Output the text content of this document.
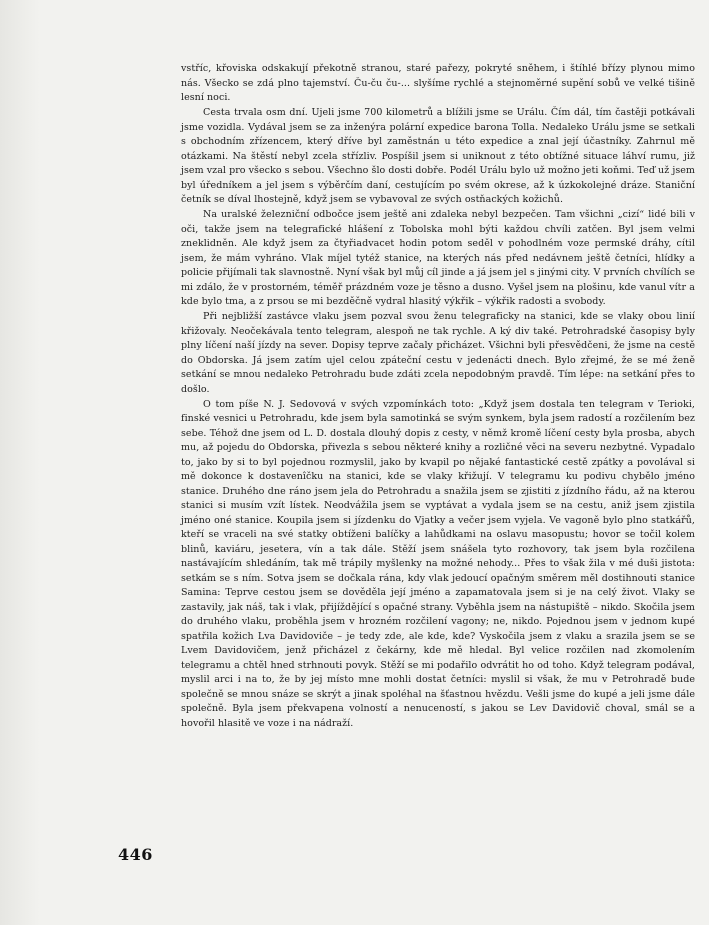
vstříc, křoviska odskakují překotně stranou, staré pařezy, pokryté sněhem, i štíhlé břízy plynou mimo nás. Všecko se zdá plno tajemství. Ču-ču ču-... slyšíme rychlé a stejnoměrné supění sobů ve velké tišině lesní noci.

Cesta trvala osm dní. Ujeli jsme 700 kilometrů a blížili jsme se Urálu. Čím dál, tím častěji potkávali jsme vozidla. Vydával jsem se za inženýra polární expedice barona Tolla. Nedaleko Urálu jsme se setkali s obchodním zřízencem, který dříve byl zaměstnán u této expedice a znal její účastníky. Zahrnul mě otázkami. Na štěstí nebyl zcela střízliv. Pospíšil jsem si uniknout z této obtížné situace láhví rumu, již jsem vzal pro všecko s sebou. Všechno šlo dosti dobře. Podél Urálu bylo už možno jeti koňmi. Teď už jsem byl úředníkem a jel jsem s výběrčím daní, cestujícím po svém okrese, až k úzkokolejné dráze. Staniční četník se díval lhostejně, když jsem se vybavoval ze svých ostňackých kožichů.

Na uralské železniční odbočce jsem ještě ani zdaleka nebyl bezpečen. Tam všichni „cizí“ lidé bili v oči, takže jsem na telegrafické hlášení z Tobolska mohl býti každou chvíli zatčen. Byl jsem velmi zneklidněn. Ale když jsem za čtyřiadvacet hodin potom seděl v pohodlném voze permské dráhy, cítil jsem, že mám vyhráno. Vlak míjel tytéž stanice, na kterých nás před nedávnem ještě četníci, hlídky a policie přijímali tak slavnostně. Nyní však byl můj cíl jinde a já jsem jel s jinými city. V prvních chvílích se mi zdálo, že v prostorném, téměř prázdném voze je těsno a dusno. Vyšel jsem na plošinu, kde vanul vítr a kde bylo tma, a z prsou se mi bezděčně vydral hlasitý výkřik – výkřik radosti a svobody.

Při nejbližší zastávce vlaku jsem pozval svou ženu telegraficky na stanici, kde se vlaky obou linií křižovaly. Neočekávala tento telegram, alespoň ne tak rychle. A ký div také. Petrohradské časopisy byly plny líčení naší jízdy na sever. Dopisy teprve začaly přicházet. Všichni byli přesvědčeni, že jsme na cestě do Obdorska. Já jsem zatím ujel celou zpáteční cestu v jedenácti dnech. Bylo zřejmé, že se mé ženě setkání se mnou nedaleko Petrohradu bude zdáti zcela nepodobným pravdě. Tím lépe: na setkání přes to došlo.

O tom píše N. J. Sedovová v svých vzpomínkách toto: „Když jsem dostala ten telegram v Terioki, finské vesnici u Petrohradu, kde jsem byla samotinká se svým synkem, byla jsem radostí a rozčilením bez sebe. Téhož dne jsem od L. D. dostala dlouhý dopis z cesty, v němž kromě líčení cesty byla prosba, abych mu, až pojedu do Obdorska, přivezla s sebou některé knihy a rozličné věci na severu nezbytné. Vypadalo to, jako by si to byl pojednou rozmyslil, jako by kvapil po nějaké fantastické cestě zpátky a povolával si mě dokonce k dostavenîčku na stanici, kde se vlaky křižují. V telegramu ku podivu chybělo jméno stanice. Druhého dne ráno jsem jela do Petrohradu a snažila jsem se zjistiti z jízdního řádu, až na kterou stanici si musím vzít lístek. Neodvážila jsem se vyptávat a vydala jsem se na cestu, aniž jsem zjistila jméno oné stanice. Koupila jsem si jízdenku do Vjatky a večer jsem vyjela. Ve vagoně bylo plno statkářů, kteří se vraceli na své statky obtíženi balíčky a lahůdkami na oslavu masopustu; hovor se točil kolem blinů, kaviáru, jesetera, vín a tak dále. Stěží jsem snášela tyto rozhovory, tak jsem byla rozčilena nastávajícím shledáním, tak mě trápily myšlenky na možné nehody... Přes to však žila v mé duši jistota: setkám se s ním. Sotva jsem se dočkala rána, kdy vlak jedoucí opačným směrem měl dostihnouti stanice Samina: Teprve cestou jsem se dověděla její jméno a zapamatovala jsem si je na celý život. Vlaky se zastavily, jak náš, tak i vlak, přijíždějící s opačné strany. Vyběhla jsem na nástupiště – nikdo. Skočila jsem do druhého vlaku, proběhla jsem v hrozném rozčilení vagony; ne, nikdo. Pojednou jsem v jednom kupé spatřila kožich Lva Davidoviče – je tedy zde, ale kde, kde? Vyskočila jsem z vlaku a srazila jsem se se Lvem Davidovičem, jenž přicházel z čekárny, kde mě hledal. Byl velice rozčilen nad zkomolením telegramu a chtěl hned strhnouti povyk. Stěží se mi podařilo odvrátit ho od toho. Když telegram podával, myslil arci i na to, že by jej místo mne mohli dostat četníci: myslil si však, že mu v Petrohradě bude společně se mnou snáze se skrýt a jinak spoléhal na šťastnou hvězdu. Vešli jsme do kupé a jeli jsme dále společně. Byla jsem překvapena volností a nenuceností, s jakou se Lev Davidovič choval, smál se a hovořil hlasitě ve voze i na nádraží.

446
